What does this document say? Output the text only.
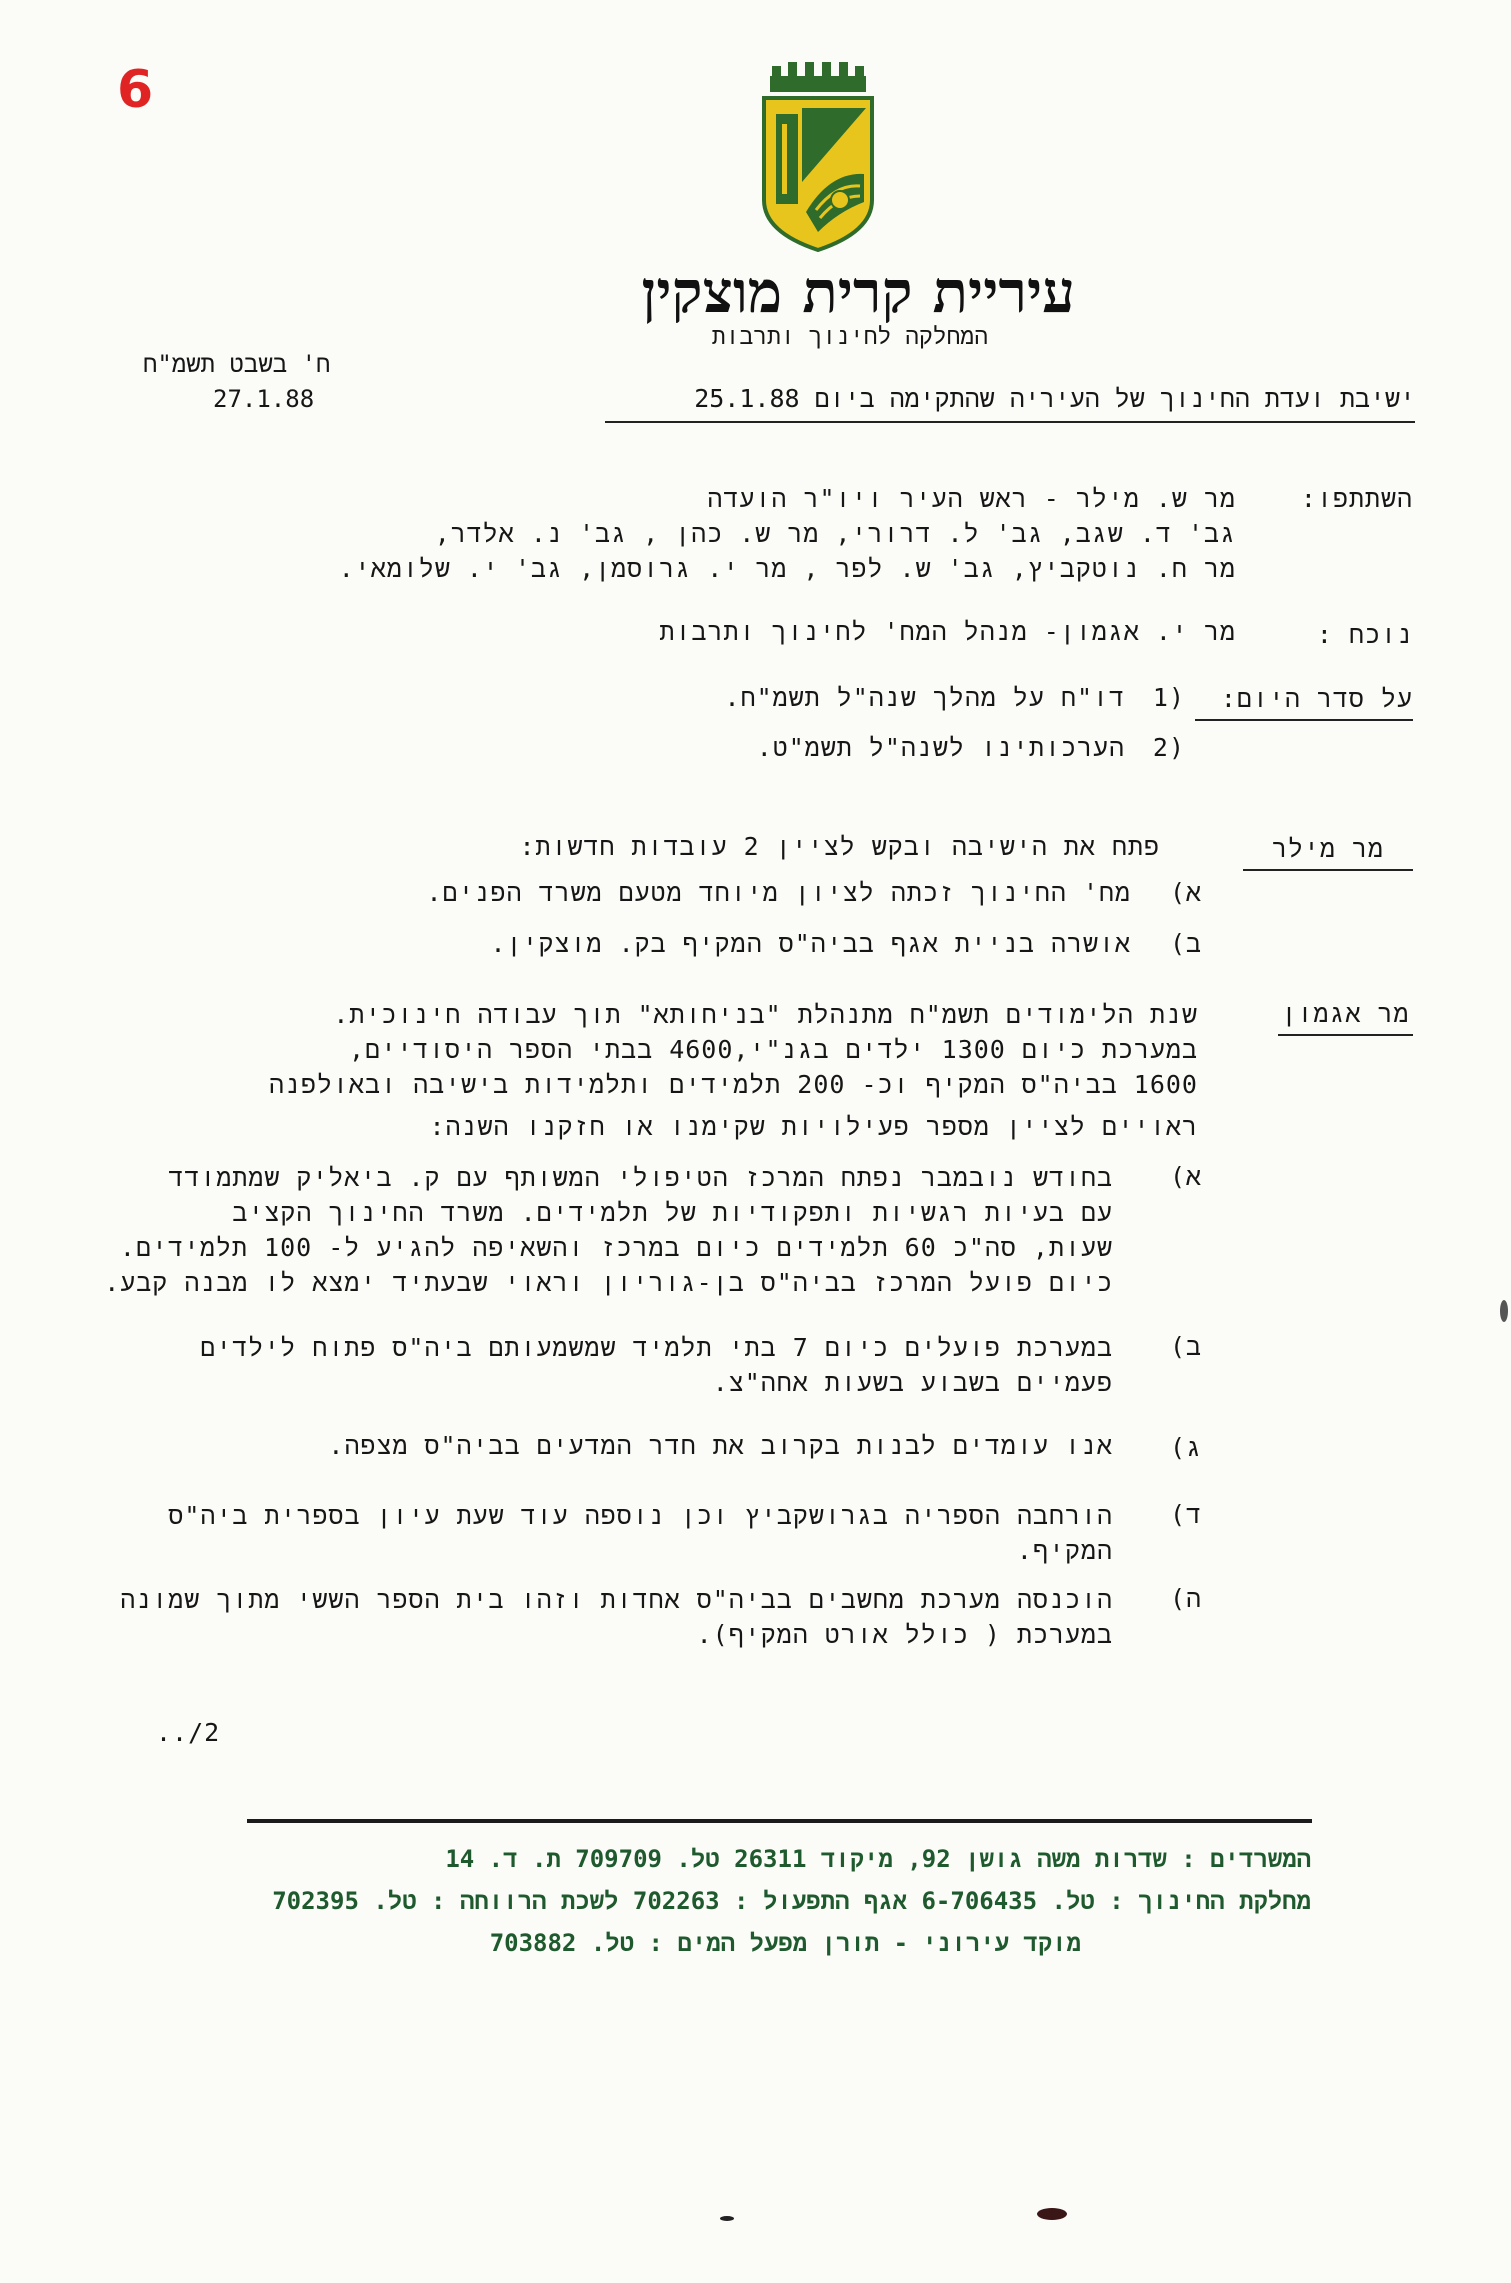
6
עיריית קרית מוצקין
המחלקה לחינוך ותרבות
ח' בשבט תשמ"ח
27.1.88	ישיבת ועדת החינוך של העיריה שהתקימה ביום 25.1.88
השתתפו:
מר ש. מילר - ראש העיר ויו"ר הועדה
גב' ד. שגב, גב' ל. דרורי, מר ש. כהן , גב' נ. אלדר,
מר ח. נוטקביץ, גב' ש. לפר , מר י. גרוסמן, גב' י. שלומאי.
נוכח :
מר י. אגמון- מנהל המח' לחינוך ותרבות
על סדר היום:
1)
דו"ח על מהלך שנה"ל תשמ"ח.
2)
הערכותינו לשנה"ל תשמ"ט.
מר מילר
פתח את הישיבה ובקש לציין 2 עובדות חדשות:
א)
מח' החינוך זכתה לציון מיוחד מטעם משרד הפנים.
ב)
אושרה בניית אגף בביה"ס המקיף בק. מוצקין.
מר אגמון
שנת הלימודים תשמ"ח מתנהלת "בניחותא" תוך עבודה חינוכית.
במערכת כיום 1300 ילדים בגנ"י,4600 בבתי הספר היסודיים,
1600 בביה"ס המקיף וכ- 200 תלמידים ותלמידות בישיבה ובאולפנה
ראויים לציין מספר פעילויות שקימנו או חזקנו השנה:
א)
בחודש נובמבר נפתח המרכז הטיפולי המשותף עם ק. ביאליק שמתמודד
עם בעיות רגשיות ותפקודיות של תלמידים. משרד החינוך הקציב
שעות, סה"כ 60 תלמידים כיום במרכז והשאיפה להגיע ל- 100 תלמידים.
כיום פועל המרכז בביה"ס בן-גוריון וראוי שבעתיד ימצא לו מבנה קבע.
ב)
במערכת פועלים כיום 7 בתי תלמיד שמשמעותם ביה"ס פתוח לילדים
פעמיים בשבוע בשעות אחה"צ.
ג)
אנו עומדים לבנות בקרוב את חדר המדעים בביה"ס מצפה.
ד)
הורחבה הספריה בגרושקביץ וכן נוספה עוד שעת עיון בספרית ביה"ס
המקיף.
ה)
הוכנסה מערכת מחשבים בביה"ס אחדות וזהו בית הספר הששי מתוך שמונה
במערכת ( כולל אורט המקיף).
../2
המשרדים : שדרות משה גושן 92, מיקוד 26311 טל. 709709 ת. ד. 14
מחלקת החינוך : טל. 6-706435 אגף התפעול : 702263 לשכת הרווחה : טל. 702395
מוקד עירוני - תורן מפעל המים : טל. 703882
